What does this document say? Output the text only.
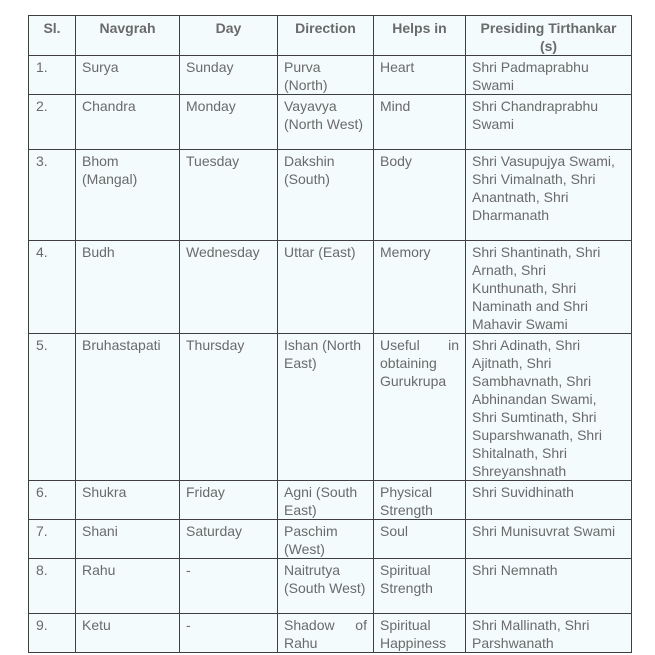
Sl.	Navgrah	Day	Direction	Helps in	Presiding Tirthankar (s)
1.	Surya	Sunday	Purva (North)	Heart	Shri Padmaprabhu Swami
2.	Chandra	Monday	Vayavya (North West)	Mind	Shri Chandraprabhu Swami
3.	Bhom (Mangal)	Tuesday	Dakshin (South)	Body	Shri Vasupujya Swami, Shri Vimalnath, Shri Anantnath, Shri Dharmanath
4.	Budh	Wednesday	Uttar (East)	Memory	Shri Shantinath, Shri Arnath, Shri Kunthunath, Shri Naminath and Shri Mahavir Swami
5.	Bruhastapati	Thursday	Ishan (North East)	Useful in obtaining Gurukrupa	Shri Adinath, Shri Ajitnath, Shri Sambhavnath, Shri Abhinandan Swami, Shri Sumtinath, Shri Suparshwanath, Shri Shitalnath, Shri Shreyanshnath
6.	Shukra	Friday	Agni (South East)	Physical Strength	Shri Suvidhinath
7.	Shani	Saturday	Paschim (West)	Soul	Shri Munisuvrat Swami
8.	Rahu	-	Naitrutya (South West)	Spiritual Strength	Shri Nemnath
9.	Ketu	-	Shadow of Rahu	Spiritual Happiness	Shri Mallinath, Shri Parshwanath
